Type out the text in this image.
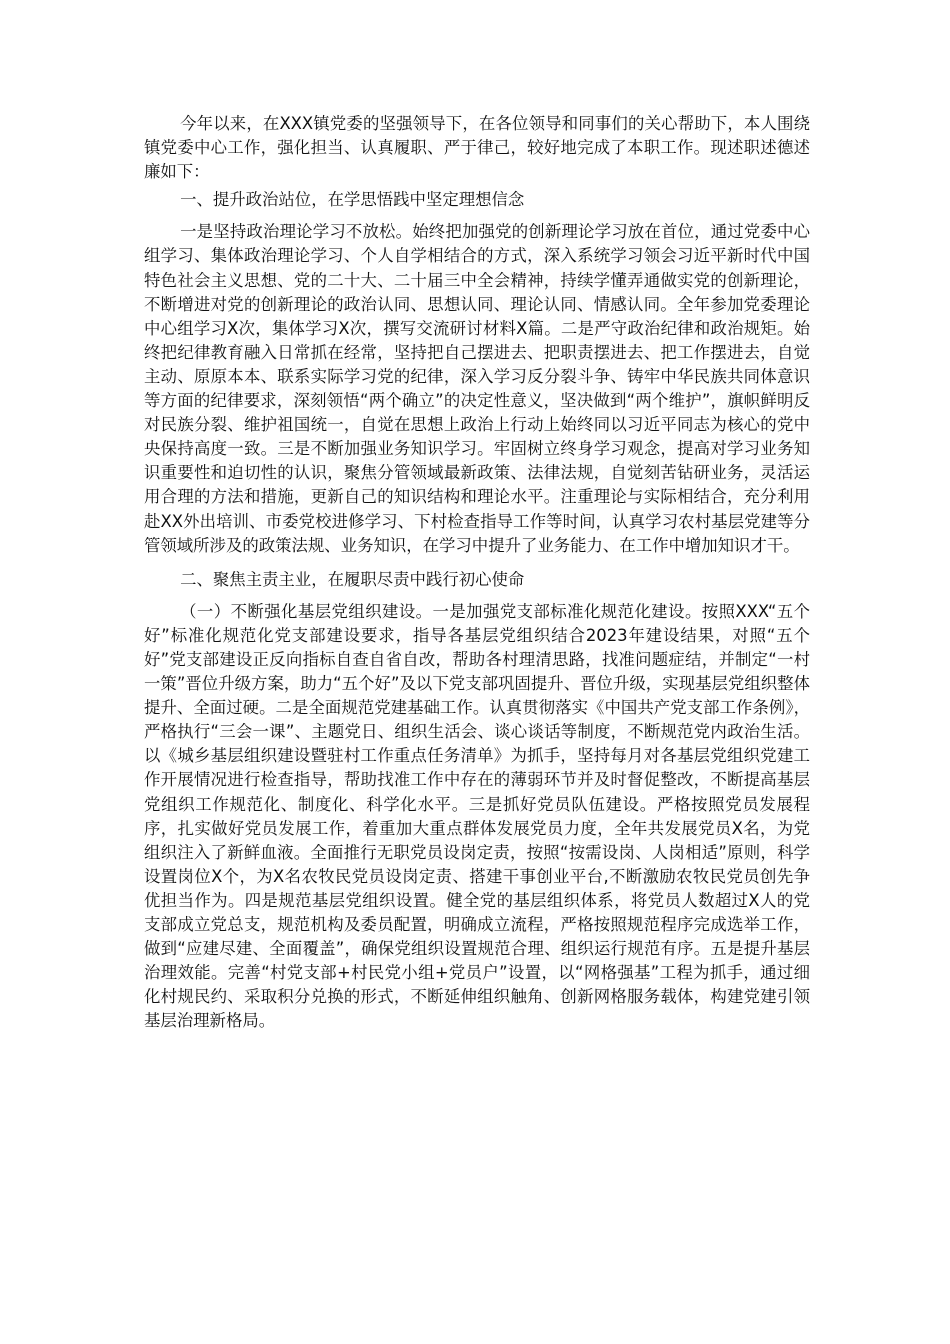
今年以来，在XXX镇党委的坚强领导下，在各位领导和同事们的关心帮助下，本人围绕镇党委中心工作，强化担当、认真履职、严于律己，较好地完成了本职工作。现述职述德述廉如下：

一、提升政治站位，在学思悟践中坚定理想信念

一是坚持政治理论学习不放松。始终把加强党的创新理论学习放在首位，通过党委中心组学习、集体政治理论学习、个人自学相结合的方式，深入系统学习领会习近平新时代中国特色社会主义思想、党的二十大、二十届三中全会精神，持续学懂弄通做实党的创新理论，不断增进对党的创新理论的政治认同、思想认同、理论认同、情感认同。全年参加党委理论中心组学习X次，集体学习X次，撰写交流研讨材料X篇。二是严守政治纪律和政治规矩。始终把纪律教育融入日常抓在经常，坚持把自己摆进去、把职责摆进去、把工作摆进去，自觉主动、原原本本、联系实际学习党的纪律，深入学习反分裂斗争、铸牢中华民族共同体意识等方面的纪律要求，深刻领悟“两个确立”的决定性意义，坚决做到“两个维护”，旗帜鲜明反对民族分裂、维护祖国统一，自觉在思想上政治上行动上始终同以习近平同志为核心的党中央保持高度一致。三是不断加强业务知识学习。牢固树立终身学习观念，提高对学习业务知识重要性和迫切性的认识，聚焦分管领域最新政策、法律法规，自觉刻苦钻研业务，灵活运用合理的方法和措施，更新自己的知识结构和理论水平。注重理论与实际相结合，充分利用赴XX外出培训、市委党校进修学习、下村检查指导工作等时间，认真学习农村基层党建等分管领域所涉及的政策法规、业务知识，在学习中提升了业务能力、在工作中增加知识才干。

二、聚焦主责主业，在履职尽责中践行初心使命

（一）不断强化基层党组织建设。一是加强党支部标准化规范化建设。按照XXX“五个好”标准化规范化党支部建设要求，指导各基层党组织结合2023年建设结果，对照“五个好”党支部建设正反向指标自查自省自改，帮助各村理清思路，找准问题症结，并制定“一村一策”晋位升级方案，助力“五个好”及以下党支部巩固提升、晋位升级，实现基层党组织整体提升、全面过硬。二是全面规范党建基础工作。认真贯彻落实《中国共产党支部工作条例》，严格执行“三会一课”、主题党日、组织生活会、谈心谈话等制度，不断规范党内政治生活。以《城乡基层组织建设暨驻村工作重点任务清单》为抓手，坚持每月对各基层党组织党建工作开展情况进行检查指导，帮助找准工作中存在的薄弱环节并及时督促整改，不断提高基层党组织工作规范化、制度化、科学化水平。三是抓好党员队伍建设。严格按照党员发展程序，扎实做好党员发展工作，着重加大重点群体发展党员力度，全年共发展党员X名，为党组织注入了新鲜血液。全面推行无职党员设岗定责，按照“按需设岗、人岗相适”原则，科学设置岗位X个，为X名农牧民党员设岗定责、搭建干事创业平台,不断激励农牧民党员创先争优担当作为。四是规范基层党组织设置。健全党的基层组织体系，将党员人数超过X人的党支部成立党总支，规范机构及委员配置，明确成立流程，严格按照规范程序完成选举工作，做到“应建尽建、全面覆盖”，确保党组织设置规范合理、组织运行规范有序。五是提升基层治理效能。完善“村党支部+村民党小组+党员户”设置，以“网格强基”工程为抓手，通过细化村规民约、采取积分兑换的形式，不断延伸组织触角、创新网格服务载体，构建党建引领基层治理新格局。
